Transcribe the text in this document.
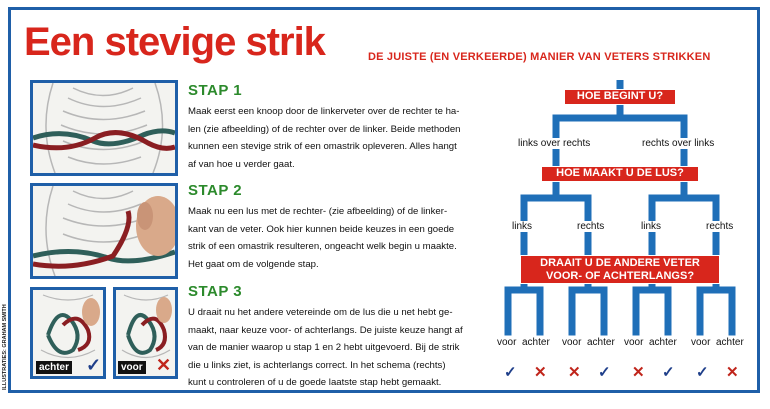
Een stevige strik	DE JUISTE (EN VERKEERDE) MANIER VAN VETERS STRIKKEN
ILLUSTRATIES: GRAHAM SMITH	achter ✓	voor ✕
STAP 1

Maak eerst een knoop door de linkerveter over de rechter te ha-
len (zie afbeelding) of de rechter over de linker. Beide methoden
kunnen een stevige strik of een omastrik opleveren. Alles hangt
af van hoe u verder gaat.

STAP 2

Maak nu een lus met de rechter- (zie afbeelding) of de linker-
kant van de veter. Ook hier kunnen beide keuzes in een goede
strik of een omastrik resulteren, ongeacht welk begin u maakte.
Het gaat om de volgende stap.

STAP 3

U draait nu het andere vetereinde om de lus die u net hebt ge-
maakt, naar keuze voor- of achterlangs. De juiste keuze hangt af
van de manier waarop u stap 1 en 2 hebt uitgevoerd. Bij de strik
die u links ziet, is achterlangs correct. In het schema (rechts)
kunt u controleren of u de goede laatste stap hebt gemaakt.

HOE BEGINT U?
HOE MAAKT U DE LUS?
DRAAIT U DE ANDERE VETER
VOOR- OF ACHTERLANGS?
links over rechts	rechts over links
links	rechts	links	rechts
voor achter voor achter voor achter voor achter
✓ ✕ ✕ ✓ ✕ ✓ ✓ ✕
